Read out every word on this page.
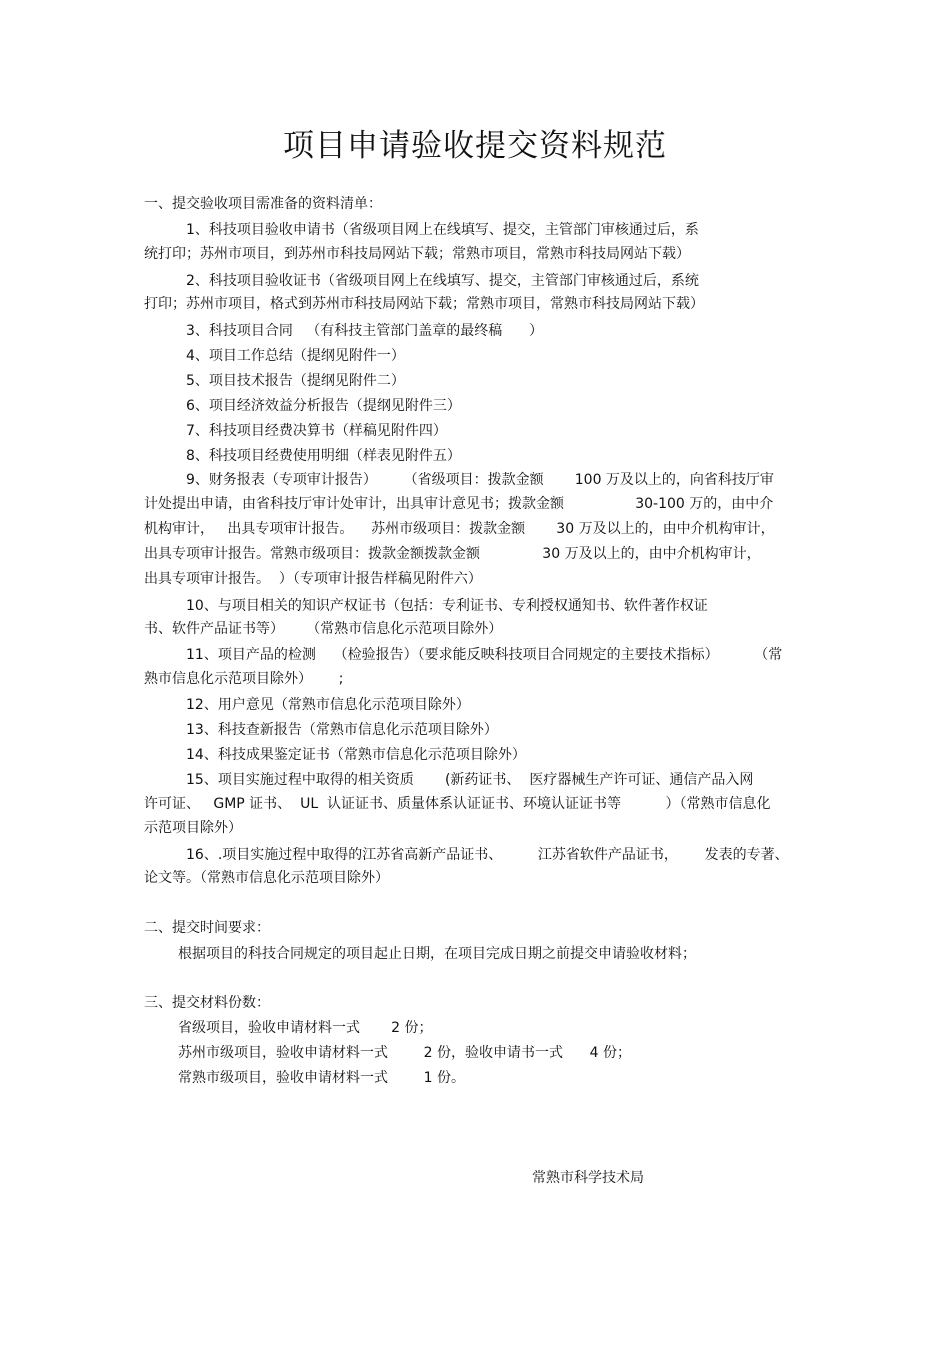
项目申请验收提交资料规范
一、提交验收项目需准备的资料清单：
1、科技项目验收申请书（省级项目网上在线填写、提交，主管部门审核通过后，系
统打印；苏州市项目，到苏州市科技局网站下载；常熟市项目，常熟市科技局网站下载）
2、科技项目验收证书（省级项目网上在线填写、提交，主管部门审核通过后，系统
打印；苏州市项目，格式到苏州市科技局网站下载；常熟市项目，常熟市科技局网站下载）
3、科技项目合同   （有科技主管部门盖章的最终稿      ）
4、项目工作总结（提纲见附件一）
5、项目技术报告（提纲见附件二）
6、项目经济效益分析报告（提纲见附件三）
7、科技项目经费决算书（样稿见附件四）
8、科技项目经费使用明细（样表见附件五）
9、财务报表（专项审计报告）      （省级项目：拨款金额       100 万及以上的，向省科技厅审
计处提出申请，由省科技厅审计处审计，出具审计意见书；拨款金额                30-100 万的，由中介
机构审计，   出具专项审计报告。    苏州市级项目：拨款金额       30 万及以上的，由中介机构审计，
出具专项审计报告。常熟市级项目：拨款金额拨款金额              30 万及以上的，由中介机构审计，
出具专项审计报告。  ）（专项审计报告样稿见附件六）
10、与项目相关的知识产权证书（包括：专利证书、专利授权通知书、软件著作权证
书、软件产品证书等）     （常熟市信息化示范项目除外）
11、项目产品的检测    （检验报告）（要求能反映科技项目合同规定的主要技术指标）        （常
熟市信息化示范项目除外）      ;
12、用户意见（常熟市信息化示范项目除外）
13、科技查新报告（常熟市信息化示范项目除外）
14、科技成果鉴定证书（常熟市信息化示范项目除外）
15、项目实施过程中取得的相关资质       (新药证书、  医疗器械生产许可证、通信产品入网
许可证、   GMP 证书、  UL  认证证书、质量体系认证证书、环境认证证书等          ）（常熟市信息化
示范项目除外）
16、.项目实施过程中取得的江苏省高新产品证书、        江苏省软件产品证书，      发表的专著、
论文等。（常熟市信息化示范项目除外）
二、提交时间要求：
根据项目的科技合同规定的项目起止日期，在项目完成日期之前提交申请验收材料；
三、提交材料份数：
省级项目，验收申请材料一式       2 份；
苏州市级项目，验收申请材料一式        2 份，验收申请书一式      4 份；
常熟市级项目，验收申请材料一式        1 份。
常熟市科学技术局
